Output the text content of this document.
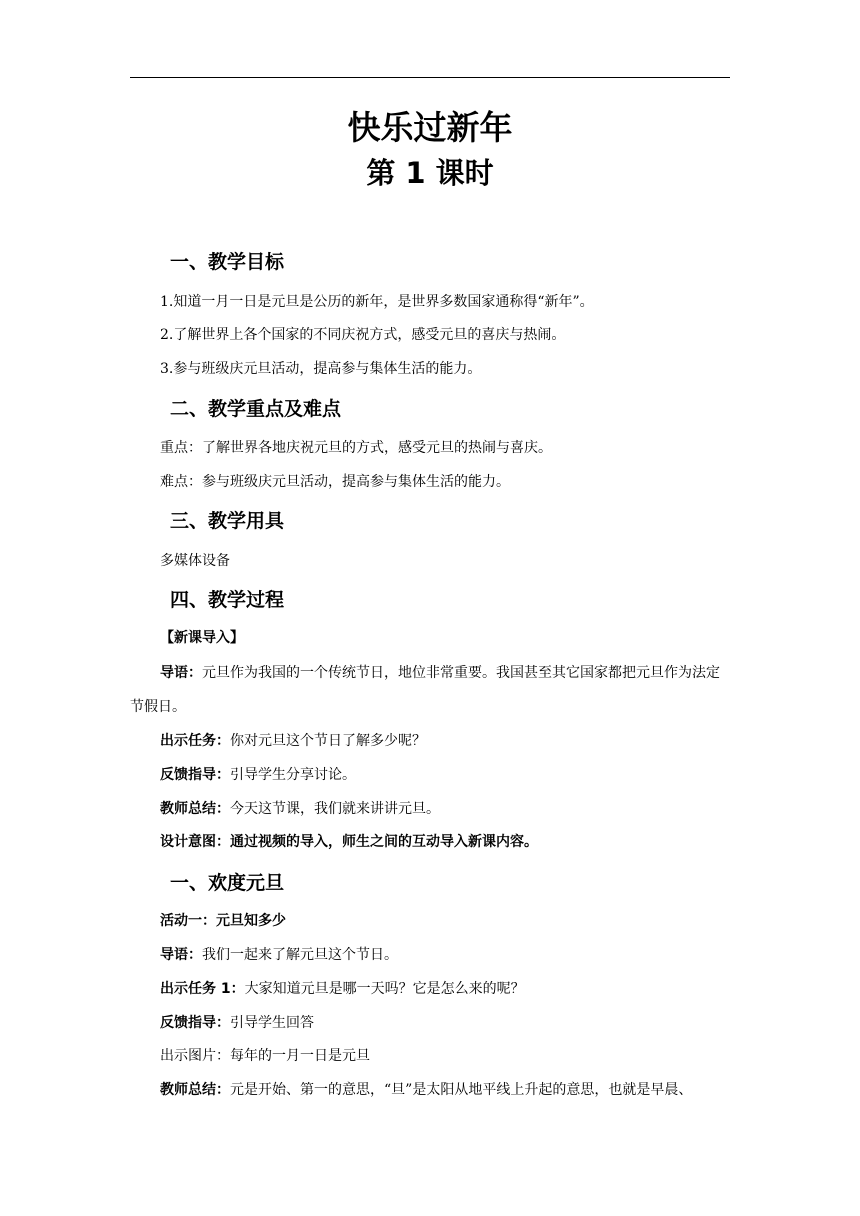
快乐过新年
第 1 课时
一、教学目标

1.知道一月一日是元旦是公历的新年，是世界多数国家通称得“新年”。

2.了解世界上各个国家的不同庆祝方式，感受元旦的喜庆与热闹。

3.参与班级庆元旦活动，提高参与集体生活的能力。

二、教学重点及难点

重点：了解世界各地庆祝元旦的方式，感受元旦的热闹与喜庆。

难点：参与班级庆元旦活动，提高参与集体生活的能力。

三、教学用具

多媒体设备

四、教学过程

【新课导入】

导语：元旦作为我国的一个传统节日，地位非常重要。我国甚至其它国家都把元旦作为法定节假日。

出示任务：你对元旦这个节日了解多少呢？

反馈指导：引导学生分享讨论。

教师总结：今天这节课，我们就来讲讲元旦。

设计意图：通过视频的导入，师生之间的互动导入新课内容。

一、欢度元旦

活动一：元旦知多少

导语：我们一起来了解元旦这个节日。

出示任务 1：大家知道元旦是哪一天吗？它是怎么来的呢？

反馈指导：引导学生回答

出示图片：每年的一月一日是元旦

教师总结：元是开始、第一的意思，“旦”是太阳从地平线上升起的意思，也就是早晨、
